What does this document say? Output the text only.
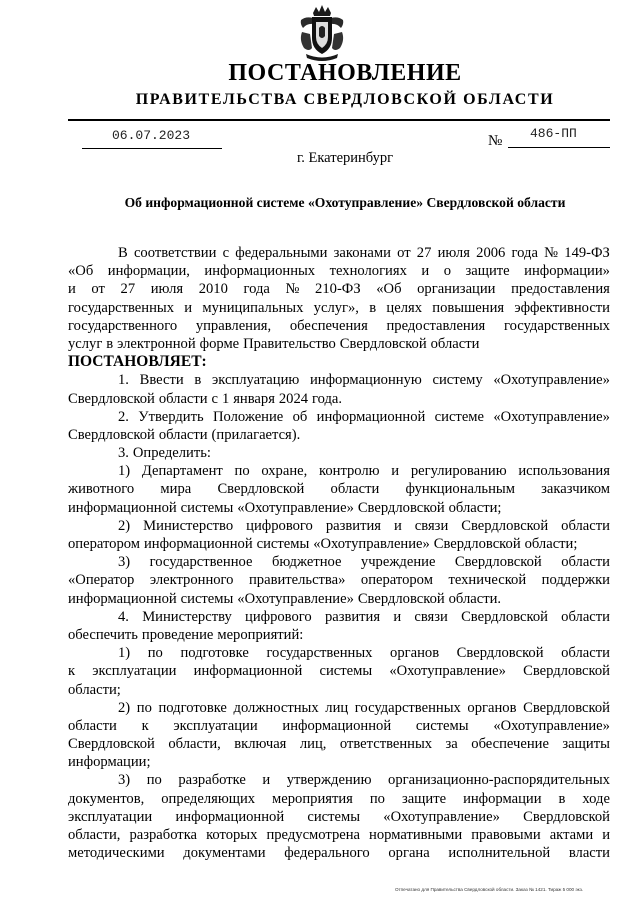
ПОСТАНОВЛЕНИЕ
ПРАВИТЕЛЬСТВА СВЕРДЛОВСКОЙ ОБЛАСТИ
06.07.2023	№ 486-ПП
г. Екатеринбург
Об информационной системе «Охотуправление» Свердловской области
В соответствии с федеральными законами от 27 июля 2006 года № 149-ФЗ
«Об информации, информационных технологиях и о защите информации»
и от 27 июля 2010 года № 210-ФЗ «Об организации предоставления
государственных и муниципальных услуг», в целях повышения эффективности
государственного управления, обеспечения предоставления государственных
услуг в электронной форме Правительство Свердловской области
ПОСТАНОВЛЯЕТ:
1. Ввести в эксплуатацию информационную систему «Охотуправление»
Свердловской области с 1 января 2024 года.
2. Утвердить Положение об информационной системе «Охотуправление»
Свердловской области (прилагается).
3. Определить:
1) Департамент по охране, контролю и регулированию использования
животного мира Свердловской области функциональным заказчиком
информационной системы «Охотуправление» Свердловской области;
2) Министерство цифрового развития и связи Свердловской области
оператором информационной системы «Охотуправление» Свердловской области;
3) государственное бюджетное учреждение Свердловской области
«Оператор электронного правительства» оператором технической поддержки
информационной системы «Охотуправление» Свердловской области.
4. Министерству цифрового развития и связи Свердловской области
обеспечить проведение мероприятий:
1) по подготовке государственных органов Свердловской области
к эксплуатации информационной системы «Охотуправление» Свердловской
области;
2) по подготовке должностных лиц государственных органов Свердловской
области к эксплуатации информационной системы «Охотуправление»
Свердловской области, включая лиц, ответственных за обеспечение защиты
информации;
3) по разработке и утверждению организационно-распорядительных
документов, определяющих мероприятия по защите информации в ходе
эксплуатации информационной системы «Охотуправление» Свердловской
области, разработка которых предусмотрена нормативными правовыми актами и
методическими документами федерального органа исполнительной власти
Отпечатано для Правительства Свердловской области. Заказ № 1421. Тираж 5 000 экз.
